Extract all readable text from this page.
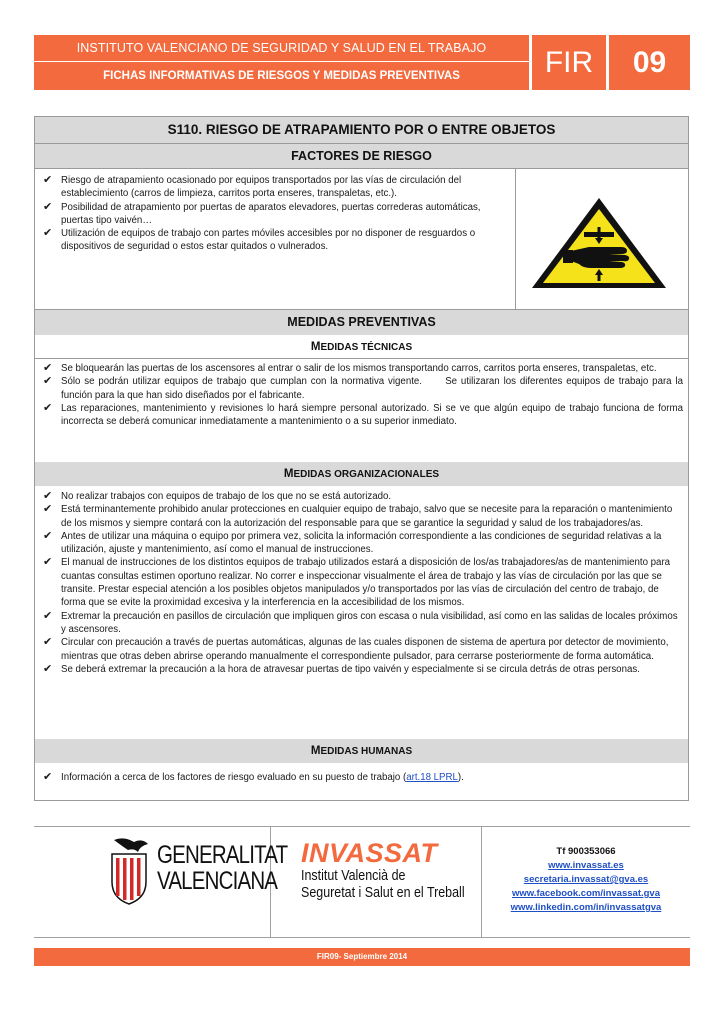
INSTITUTO VALENCIANO DE SEGURIDAD Y SALUD EN EL TRABAJO
FICHAS INFORMATIVAS DE RIESGOS Y MEDIDAS PREVENTIVAS	FIR	09
S110. RIESGO DE ATRAPAMIENTO POR O ENTRE OBJETOS
FACTORES DE RIESGO
✔ Riesgo de atrapamiento ocasionado por equipos transportados por las vías de circulación del establecimiento (carros de limpieza, carritos porta enseres, transpaletas, etc.).
✔ Posibilidad de atrapamiento por puertas de aparatos elevadores, puertas correderas automáticas, puertas tipo vaivén…
✔ Utilización de equipos de trabajo con partes móviles accesibles por no disponer de resguardos o dispositivos de seguridad o estos estar quitados o vulnerados.
MEDIDAS PREVENTIVAS
MEDIDAS TÉCNICAS
✔ Se bloquearán las puertas de los ascensores al entrar o salir de los mismos transportando carros, carritos porta enseres, transpaletas, etc.
✔ Sólo se podrán utilizar equipos de trabajo que cumplan con la normativa vigente.      Se utilizaran los diferentes equipos de trabajo para la función para la que han sido diseñados por el fabricante.
✔ Las reparaciones, mantenimiento y revisiones lo hará siempre personal autorizado. Si se ve que algún equipo de trabajo funciona de forma incorrecta se deberá comunicar inmediatamente a mantenimiento o a su superior inmediato.
MEDIDAS ORGANIZACIONALES
✔ No realizar trabajos con equipos de trabajo de los que no se está autorizado.
✔ Está terminantemente prohibido anular protecciones en cualquier equipo de trabajo, salvo que se necesite para la reparación o mantenimiento de los mismos y siempre contará con la autorización del responsable para que se garantice la seguridad y salud de los trabajadores/as.
✔ Antes de utilizar una máquina o equipo por primera vez, solicita la información correspondiente a las condiciones de seguridad relativas a la utilización, ajuste y mantenimiento, así como el manual de instrucciones.
✔ El manual de instrucciones de los distintos equipos de trabajo utilizados estará a disposición de los/as trabajadores/as de mantenimiento para cuantas consultas estimen oportuno realizar. No correr e inspeccionar visualmente el área de trabajo y las vías de circulación por las que se transite. Prestar especial atención a los posibles objetos manipulados y/o transportados por las vías de circulación del centro de trabajo, de forma que se evite la proximidad excesiva y la interferencia en la accesibilidad de los mismos.
✔ Extremar la precaución en pasillos de circulación que impliquen giros con escasa o nula visibilidad, así como en las salidas de locales próximos y ascensores.
✔ Circular con precaución a través de puertas automáticas, algunas de las cuales disponen de sistema de apertura por detector de movimiento, mientras que otras deben abrirse operando manualmente el correspondiente pulsador, para cerrarse posteriormente de forma automática.
✔ Se deberá extremar la precaución a la hora de atravesar puertas de tipo vaivén y especialmente si se circula detrás de otras personas.
MEDIDAS HUMANAS
✔ Información a cerca de los factores de riesgo evaluado en su puesto de trabajo (art.18 LPRL).
GENERALITAT
VALENCIANA
INVASSAT
Institut Valencià de
Seguretat i Salut en el Treball
Tf 900353066
www.invassat.es
secretaria.invassat@gva.es
www.facebook.com/invassat.gva
www.linkedin.com/in/invassatgva
FIR09- Septiembre 2014
